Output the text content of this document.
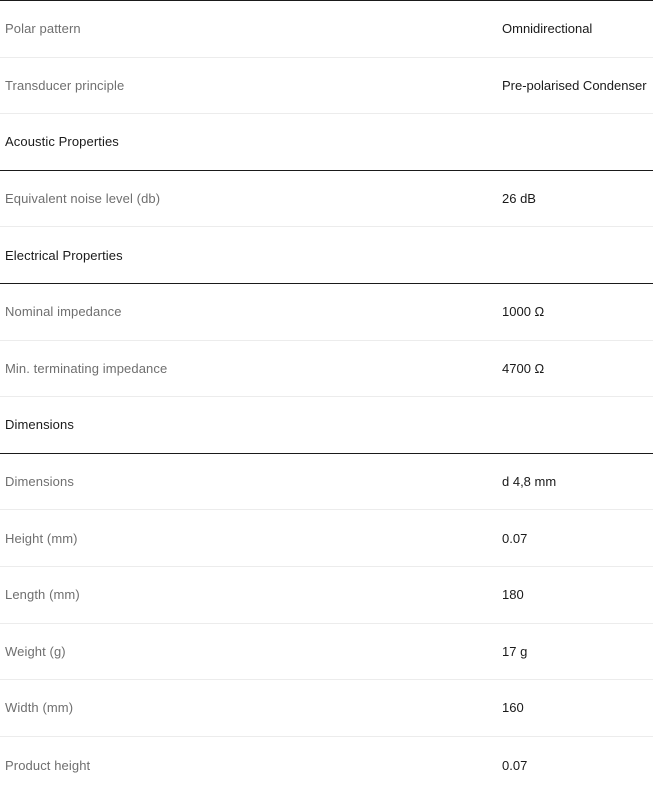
Polar pattern	Omnidirectional
Transducer principle	Pre-polarised Condenser
Acoustic Properties
Equivalent noise level (db)	26 dB
Electrical Properties
Nominal impedance	1000 Ω
Min. terminating impedance	4700 Ω
Dimensions
Dimensions	d 4,8 mm
Height (mm)	0.07
Length (mm)	180
Weight (g)	17 g
Width (mm)	160
Product height	0.07
